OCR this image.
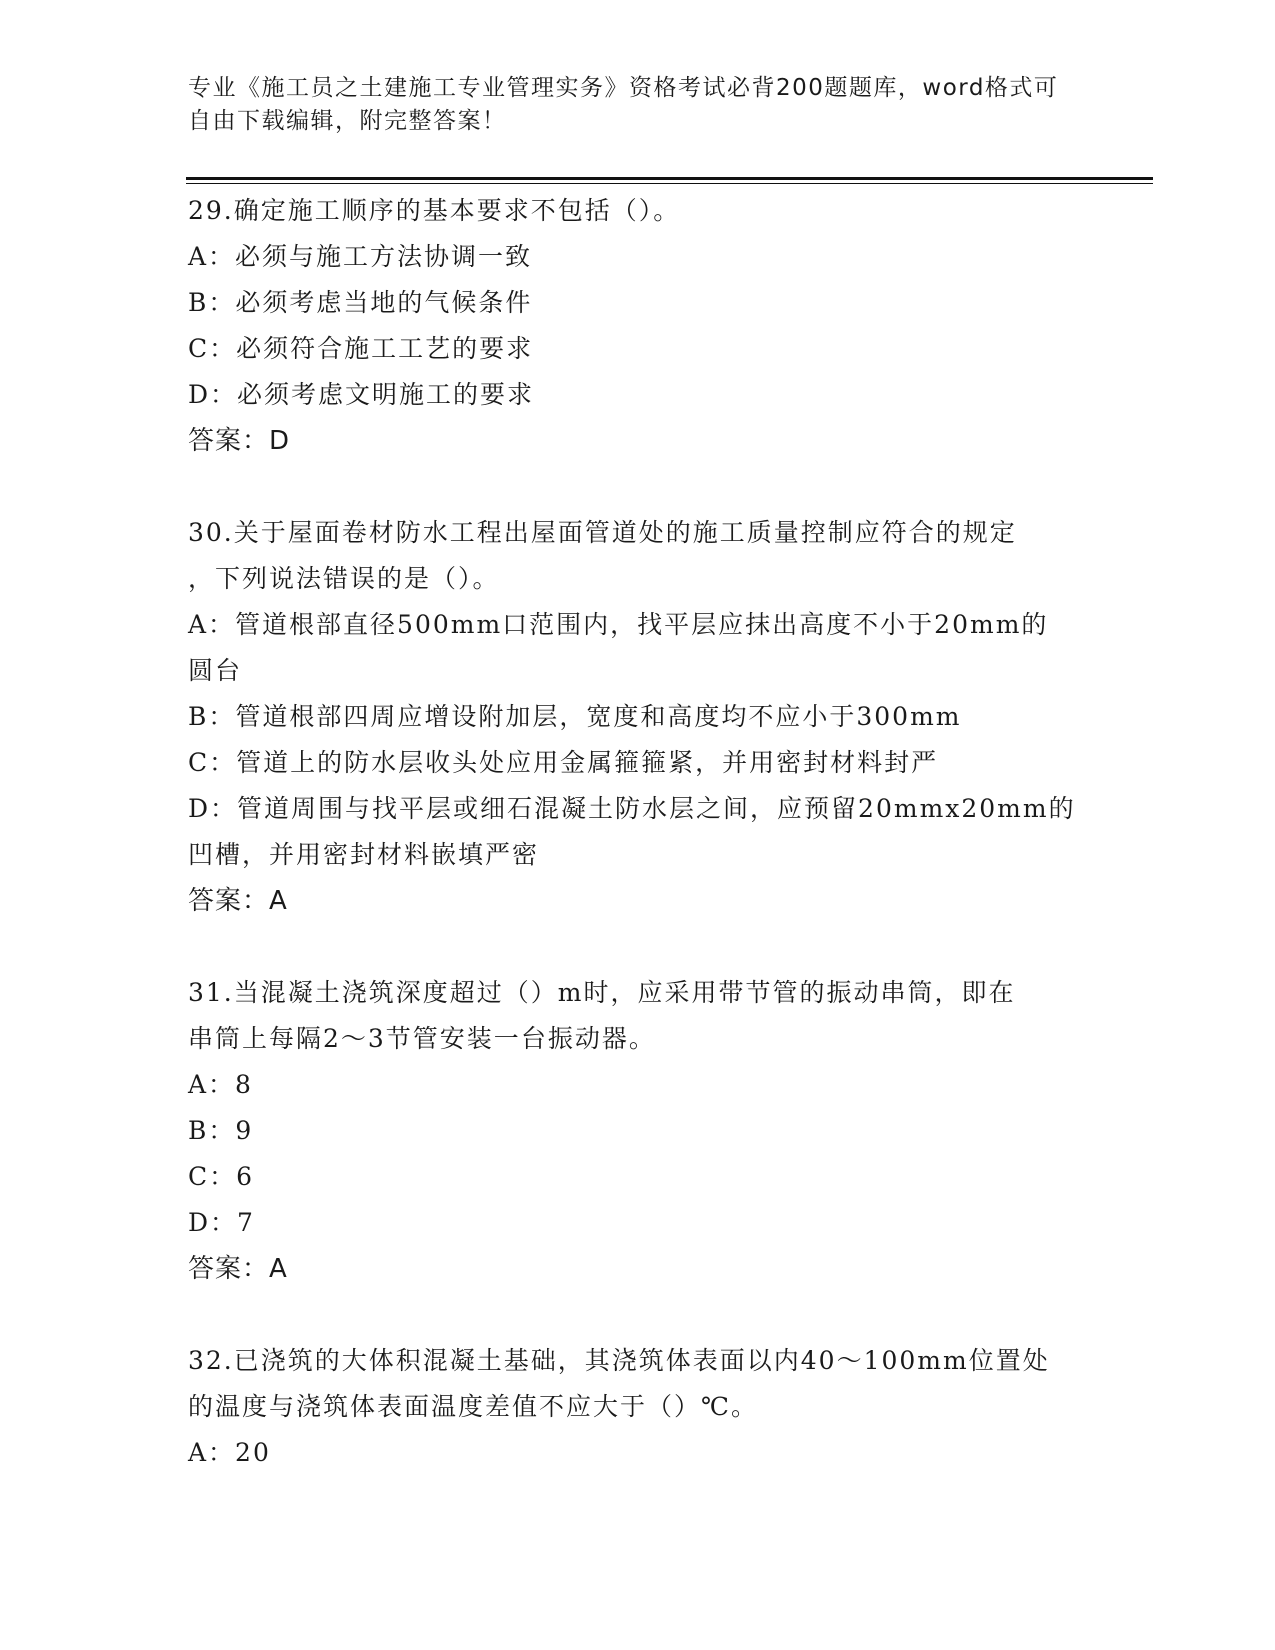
专业《施工员之土建施工专业管理实务》资格考试必背200题题库，word格式可
自由下载编辑，附完整答案！
29.确定施工顺序的基本要求不包括（）。
A：必须与施工方法协调一致
B：必须考虑当地的气候条件
C：必须符合施工工艺的要求
D：必须考虑文明施工的要求
答案：D
30.关于屋面卷材防水工程出屋面管道处的施工质量控制应符合的规定
，下列说法错误的是（）。
A：管道根部直径500mm口范围内，找平层应抹出高度不小于20mm的
圆台
B：管道根部四周应增设附加层，宽度和高度均不应小于300mm
C：管道上的防水层收头处应用金属箍箍紧，并用密封材料封严
D：管道周围与找平层或细石混凝土防水层之间，应预留20mmx20mm的
凹槽，并用密封材料嵌填严密
答案：A
31.当混凝土浇筑深度超过（）m时，应采用带节管的振动串筒，即在
串筒上每隔2～3节管安装一台振动器。
A：8
B：9
C：6
D：7
答案：A
32.已浇筑的大体积混凝土基础，其浇筑体表面以内40～100mm位置处
的温度与浇筑体表面温度差值不应大于（）℃。
A：20
